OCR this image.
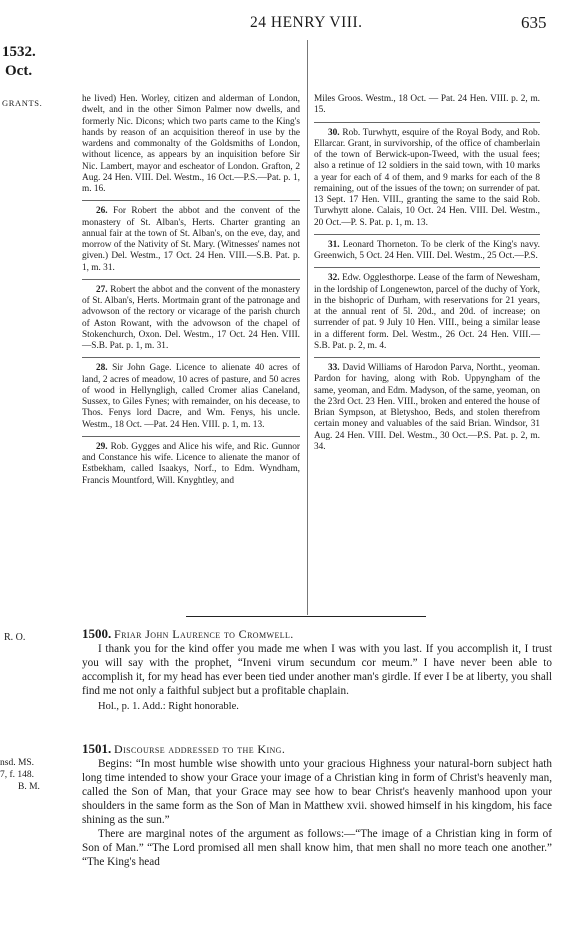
24 HENRY VIII.	635
1532.
Oct.
GRANTS.	he lived) Hen. Worley, citizen and alderman of London, dwelt, and in the other Simon Palmer now dwells, and formerly Nic. Dicons; which two parts came to the King's hands by reason of an acquisition thereof in use by the wardens and commonalty of the Goldsmiths of London, without licence, as appears by an inquisition before Sir Nic. Lambert, mayor and escheator of London. Grafton, 2 Aug. 24 Hen. VIII. Del. Westm., 16 Oct.—P.S.—Pat. p. 1, m. 16.

26. For Robert the abbot and the convent of the monastery of St. Alban's, Herts. Charter granting an annual fair at the town of St. Alban's, on the eve, day, and morrow of the Nativity of St. Mary. (Witnesses' names not given.) Del. Westm., 17 Oct. 24 Hen. VIII.—S.B. Pat. p. 1, m. 31.

27. Robert the abbot and the convent of the monastery of St. Alban's, Herts. Mortmain grant of the patronage and advowson of the rectory or vicarage of the parish church of Aston Rowant, with the advowson of the chapel of Stokenchurch, Oxon. Del. Westm., 17 Oct. 24 Hen. VIII.—S.B. Pat. p. 1, m. 31.

28. Sir John Gage. Licence to alienate 40 acres of land, 2 acres of meadow, 10 acres of pasture, and 50 acres of wood in Hellyngligh, called Cromer alias Caneland, Sussex, to Giles Fynes; with remainder, on his decease, to Thos. Fenys lord Dacre, and Wm. Fenys, his uncle. Westm., 18 Oct. —Pat. 24 Hen. VIII. p. 1, m. 13.

29. Rob. Gygges and Alice his wife, and Ric. Gunnor and Constance his wife. Licence to alienate the manor of Estbekham, called Isaakys, Norf., to Edm. Wyndham, Francis Mountford, Will. Knyghtley, and

Miles Groos. Westm., 18 Oct. — Pat. 24 Hen. VIII. p. 2, m. 15.

30. Rob. Turwhytt, esquire of the Royal Body, and Rob. Ellarcar. Grant, in survivorship, of the office of chamberlain of the town of Berwick-upon-Tweed, with the usual fees; also a retinue of 12 soldiers in the said town, with 10 marks a year for each of 4 of them, and 9 marks for each of the 8 remaining, out of the issues of the town; on surrender of pat. 13 Sept. 17 Hen. VIII., granting the same to the said Rob. Turwhytt alone. Calais, 10 Oct. 24 Hen. VIII. Del. Westm., 20 Oct.—P. S. Pat. p. 1, m. 13.

31. Leonard Thorneton. To be clerk of the King's navy. Greenwich, 5 Oct. 24 Hen. VIII. Del. Westm., 25 Oct.—P.S.

32. Edw. Ogglesthorpe. Lease of the farm of Newesham, in the lordship of Longenewton, parcel of the duchy of York, in the bishopric of Durham, with reservations for 21 years, at the annual rent of 5l. 20d., and 20d. of increase; on surrender of pat. 9 July 10 Hen. VIII., being a similar lease in a different form. Del. Westm., 26 Oct. 24 Hen. VIII.—S.B. Pat. p. 2, m. 4.

33. David Williams of Harodon Parva, Northt., yeoman. Pardon for having, along with Rob. Uppyngham of the same, yeoman, and Edm. Madyson, of the same, yeoman, on the 23rd Oct. 23 Hen. VIII., broken and entered the house of Brian Sympson, at Bletyshoo, Beds, and stolen therefrom certain money and valuables of the said Brian. Windsor, 31 Aug. 24 Hen. VIII. Del. Westm., 30 Oct.—P.S. Pat. p. 2, m. 34.

R. O.	1500. Friar John Laurence to Cromwell.

I thank you for the kind offer you made me when I was with you last. If you accomplish it, I trust you will say with the prophet, “Inveni virum secundum cor meum.” I have never been able to accomplish it, for my head has ever been tied under another man's girdle. If ever I be at liberty, you shall find me not only a faithful subject but a profitable chaplain.

Hol., p. 1. Add.: Right honorable.

nsd. MS.
7, f. 148.
B. M.

1501. Discourse addressed to the King.

Begins: “In most humble wise showith unto your gracious Highness your natural-born subject hath long time intended to show your Grace your image of a Christian king in form of Christ's heavenly man, called the Son of Man, that your Grace may see how to bear Christ's heavenly manhood upon your shoulders in the same form as the Son of Man in Matthew xvii. showed himself in his kingdom, his face shining as the sun.”

There are marginal notes of the argument as follows:—“The image of a Christian king in form of Son of Man.” “The Lord promised all men shall know him, that men shall no more teach one another.” “The King's head
